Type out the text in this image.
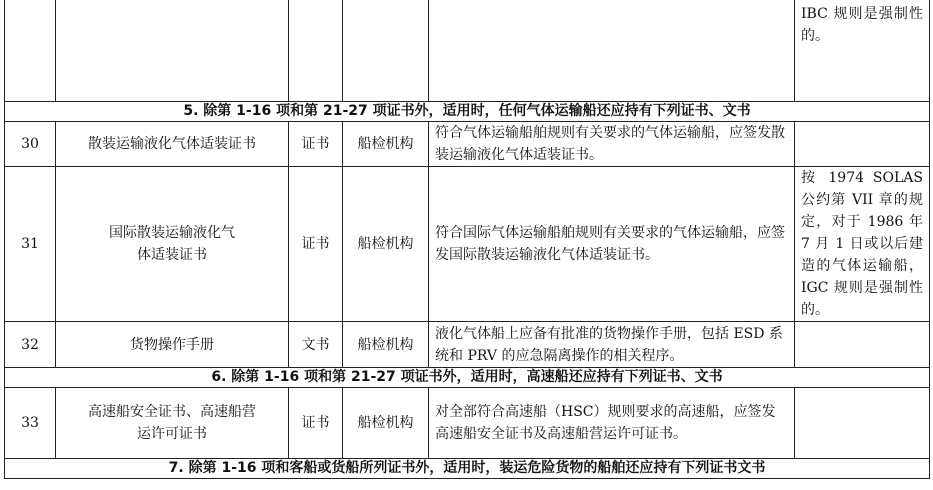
					IBC 规则是强制性的。
5. 除第 1-16 项和第 21-27 项证书外，适用时，任何气体运输船还应持有下列证书、文书					
30	散装运输液化气体适装证书	证书	船检机构	符合气体运输船舶规则有关要求的气体运输船，应签发散装运输液化气体适装证书。	
31	国际散装运输液化气体适装证书	证书	船检机构	符合国际气体运输船舶规则有关要求的气体运输船，应签发国际散装运输液化气体适装证书。	按 1974 SOLAS 公约第 VII 章的规定，对于 1986 年 7 月 1 日或以后建造的气体运输船，IGC 规则是强制性的。
32	货物操作手册	文书	船检机构	液化气体船上应备有批准的货物操作手册，包括 ESD 系统和 PRV 的应急隔离操作的相关程序。	
6. 除第 1-16 项和第 21-27 项证书外，适用时，高速船还应持有下列证书、文书					
33	高速船安全证书、高速船营运许可证书	证书	船检机构	对全部符合高速船（HSC）规则要求的高速船，应签发高速船安全证书及高速船营运许可证书。	
7. 除第 1-16 项和客船或货船所列证书外，适用时，装运危险货物的船舶还应持有下列证书文书					
